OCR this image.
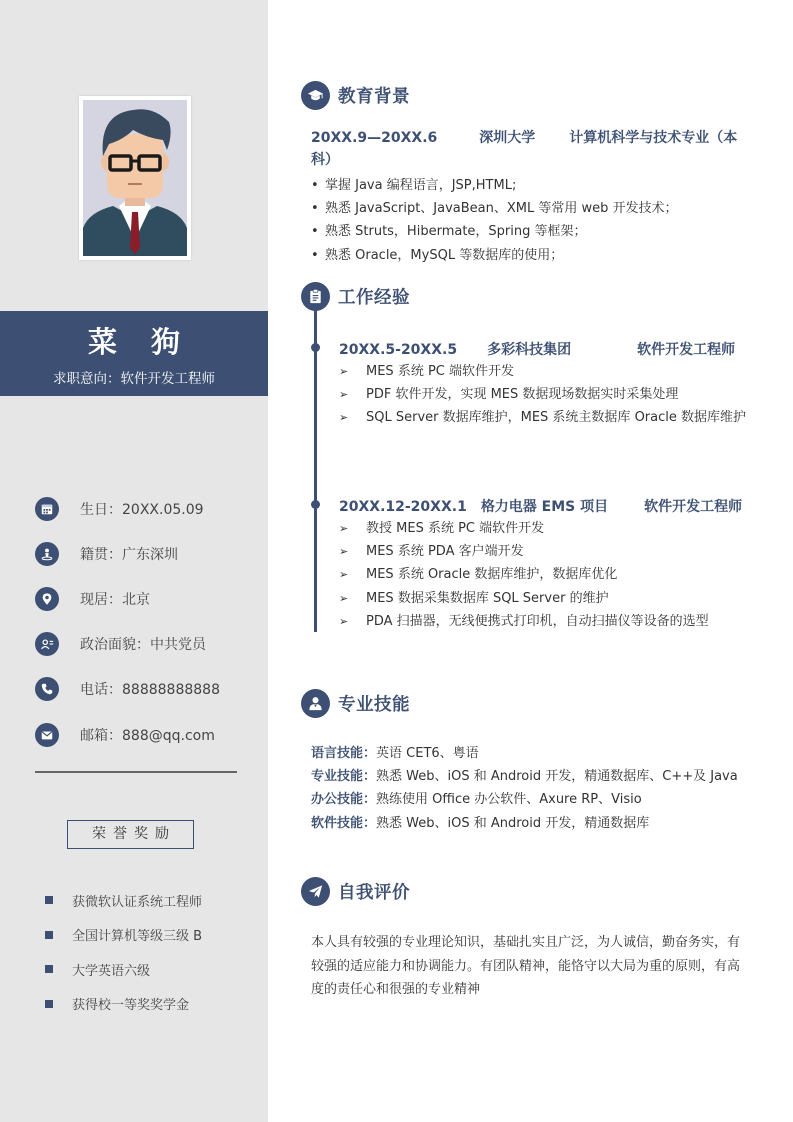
菜 狗
求职意向：软件开发工程师
生日：20XX.05.09
籍贯：广东深圳
现居：北京
政治面貌：中共党员
电话：88888888888
邮箱：888@qq.com
荣誉奖励
获微软认证系统工程师
全国计算机等级三级 B
大学英语六级
获得校一等奖奖学金
教育背景
20XX.9—20XX.6	深圳大学 计算机科学与技术专业（本科）
• 掌握 Java 编程语言，JSP,HTML;
• 熟悉 JavaScript、JavaBean、XML 等常用 web 开发技术；
• 熟悉 Struts，Hibermate，Spring 等框架；
• 熟悉 Oracle，MySQL 等数据库的使用；
工作经验
20XX.5-20XX.5 多彩科技集团	软件开发工程师
➢ MES 系统 PC 端软件开发
➢ PDF 软件开发，实现 MES 数据现场数据实时采集处理
➢ SQL Server 数据库维护，MES 系统主数据库 Oracle 数据库维护
20XX.12-20XX.1 格力电器 EMS 项目	软件开发工程师
➢ 教授 MES 系统 PC 端软件开发
➢ MES 系统 PDA 客户端开发
➢ MES 系统 Oracle 数据库维护，数据库优化
➢ MES 数据采集数据库 SQL Server 的维护
➢ PDA 扫描器，无线便携式打印机，自动扫描仪等设备的选型
专业技能
语言技能：英语 CET6、粤语
专业技能：熟悉 Web、iOS 和 Android 开发，精通数据库、C++及 Java
办公技能：熟练使用 Office 办公软件、Axure RP、Visio
软件技能：熟悉 Web、iOS 和 Android 开发，精通数据库
自我评价
本人具有较强的专业理论知识，基础扎实且广泛，为人诚信，勤奋务实，有较强的适应能力和协调能力。有团队精神，能恪守以大局为重的原则，有高度的责任心和很强的专业精神
